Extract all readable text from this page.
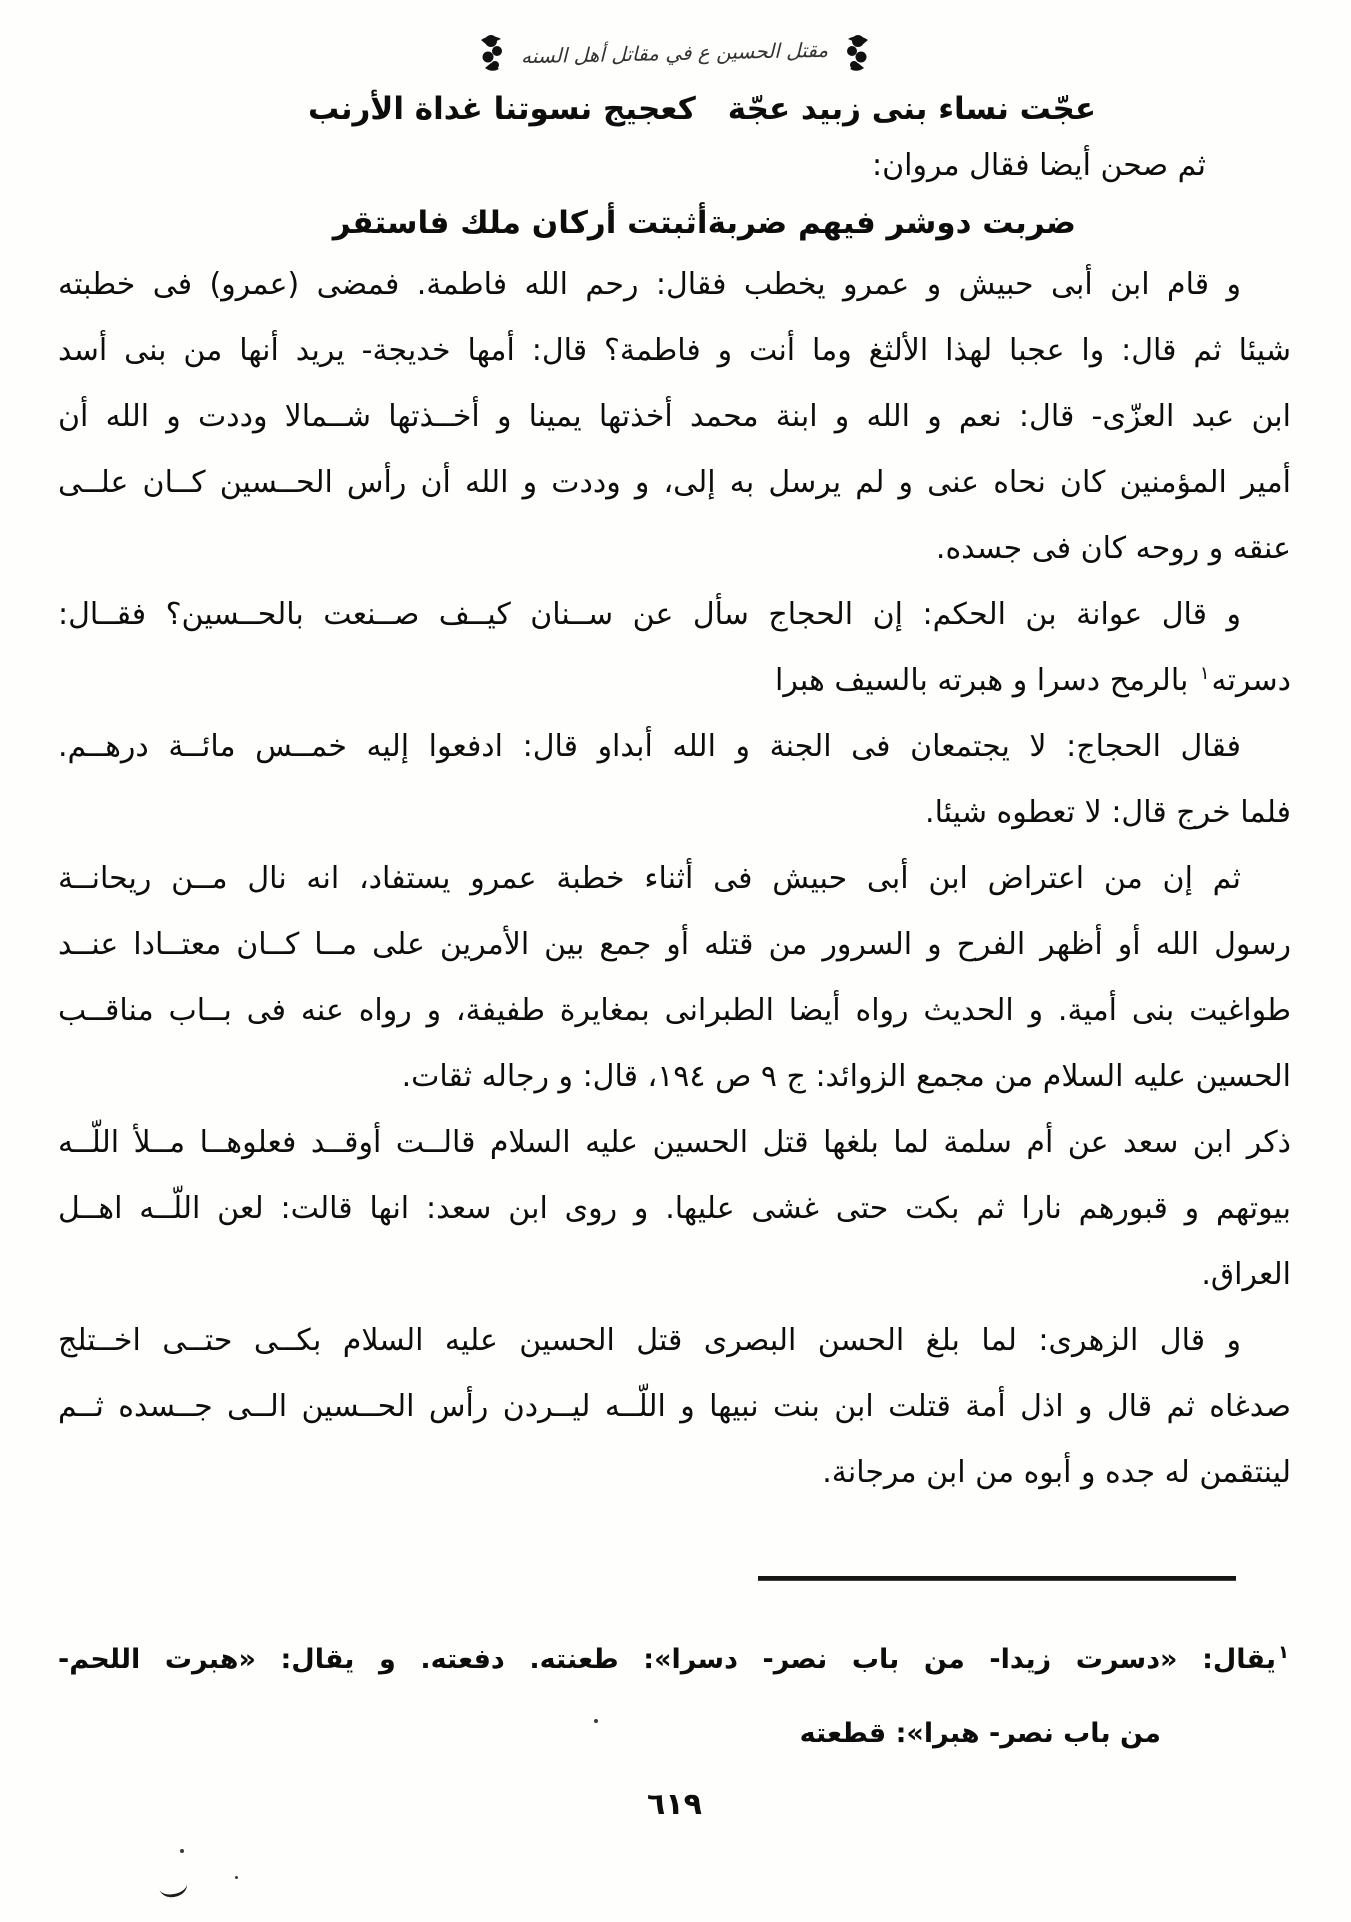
مقتل الحسين ع في مقاتل أهل السنه
عجّت نساء بنى زبيد عجّة
كعجيج نسوتنا غداة الأرنب
ثم صحن أيضا فقال مروان:
ضربت دوشر فيهم ضربة
أثبتت أركان ملك فاستقر
و قام ابن أبى حبيش و عمرو يخطب فقال: رحم الله فاطمة. فمضى (عمرو) فى خطبته
شيئا ثم قال: وا عجبا لهذا الألثغ وما أنت و فاطمة؟ قال: أمها خديجة- يريد أنها من بنى أسد
ابن عبد العزّى- قال: نعم و الله و ابنة محمد أخذتها يمينا و أخــذتها شــمالا وددت و الله أن
أمير المؤمنين كان نحاه عنى و لم يرسل به إلى، و وددت و الله أن رأس الحــسين كــان علــى
عنقه و روحه كان فى جسده.
و قال عوانة بن الحكم: إن الحجاج سأل عن ســنان كيــف صــنعت بالحــسين؟ فقــال:
دسرته$^١$ بالرمح دسرا و هبرته بالسيف هبرا
فقال الحجاج: لا يجتمعان فى الجنة و الله أبداو قال: ادفعوا إليه خمــس مائــة درهــم.
فلما خرج قال: لا تعطوه شيئا.
ثم إن من اعتراض ابن أبى حبيش فى أثناء خطبة عمرو يستفاد، انه نال مــن ريحانــة
رسول الله أو أظهر الفرح و السرور من قتله أو جمع بين الأمرين على مــا كــان معتــادا عنــد
طواغيت بنى أمية. و الحديث رواه أيضا الطبرانى بمغايرة طفيفة، و رواه عنه فى بــاب مناقــب
الحسين عليه السلام من مجمع الزوائد: ج ٩ ص ١٩٤، قال: و رجاله ثقات.
ذكر ابن سعد عن أم سلمة لما بلغها قتل الحسين عليه السلام قالــت أوقــد فعلوهــا مــلأ اللّــه
بيوتهم و قبورهم نارا ثم بكت حتى غشى عليها. و روى ابن سعد: انها قالت: لعن اللّــه اهــل
العراق.
و قال الزهرى: لما بلغ الحسن البصرى قتل الحسين عليه السلام بكــى حتــى اخــتلج
صدغاه ثم قال و اذل أمة قتلت ابن بنت نبيها و اللّــه ليــردن رأس الحــسين الــى جــسده ثــم
لينتقمن له جده و أبوه من ابن مرجانة.
$^١$يقال: «دسرت زيدا- من باب نصر- دسرا»: طعنته. دفعته. و يقال: «هبرت اللحم-
من باب نصر- هبرا»: قطعته
٦١٩
